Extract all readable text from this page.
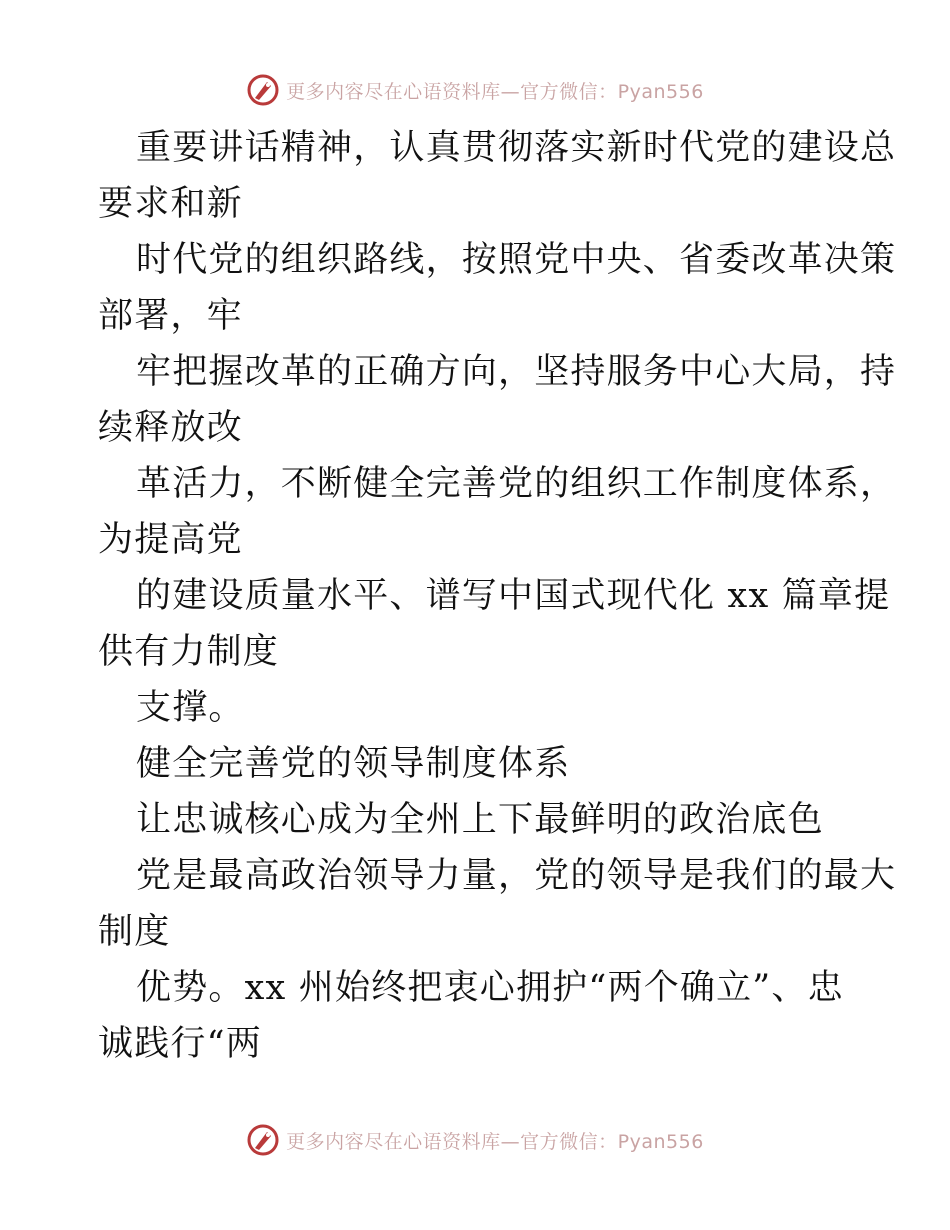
更多内容尽在心语资料库—官方微信：Pyan556
重要讲话精神，认真贯彻落实新时代党的建设总
要求和新
时代党的组织路线，按照党中央、省委改革决策
部署，牢
牢把握改革的正确方向，坚持服务中心大局，持
续释放改
革活力，不断健全完善党的组织工作制度体系，
为提高党
的建设质量水平、谱写中国式现代化 xx 篇章提
供有力制度
支撑。
健全完善党的领导制度体系
让忠诚核心成为全州上下最鲜明的政治底色
党是最高政治领导力量，党的领导是我们的最大
制度
优势。xx 州始终把衷心拥护“两个确立”、忠
诚践行“两
更多内容尽在心语资料库—官方微信：Pyan556
